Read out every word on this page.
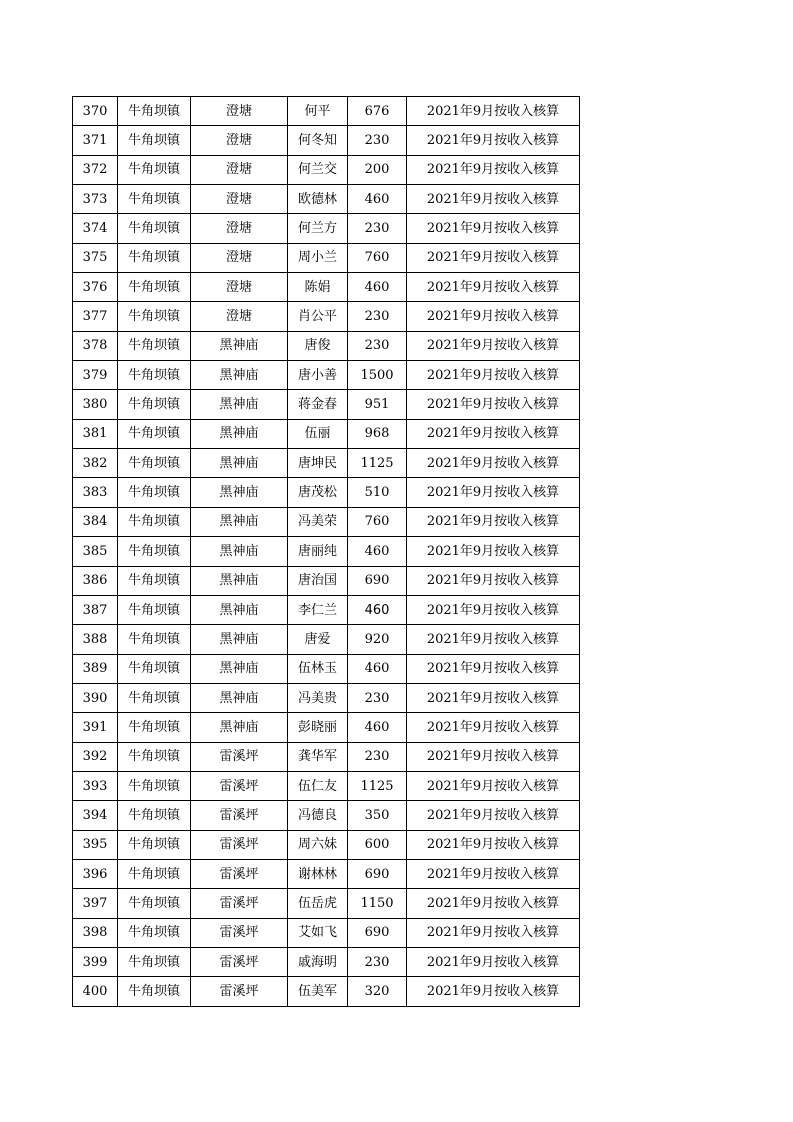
370	牛角坝镇	澄塘	何平	676	2021年9月按收入核算
371	牛角坝镇	澄塘	何冬知	230	2021年9月按收入核算
372	牛角坝镇	澄塘	何兰交	200	2021年9月按收入核算
373	牛角坝镇	澄塘	欧德林	460	2021年9月按收入核算
374	牛角坝镇	澄塘	何兰方	230	2021年9月按收入核算
375	牛角坝镇	澄塘	周小兰	760	2021年9月按收入核算
376	牛角坝镇	澄塘	陈娟	460	2021年9月按收入核算
377	牛角坝镇	澄塘	肖公平	230	2021年9月按收入核算
378	牛角坝镇	黑神庙	唐俊	230	2021年9月按收入核算
379	牛角坝镇	黑神庙	唐小善	1500	2021年9月按收入核算
380	牛角坝镇	黑神庙	蒋金春	951	2021年9月按收入核算
381	牛角坝镇	黑神庙	伍丽	968	2021年9月按收入核算
382	牛角坝镇	黑神庙	唐坤民	1125	2021年9月按收入核算
383	牛角坝镇	黑神庙	唐茂松	510	2021年9月按收入核算
384	牛角坝镇	黑神庙	冯美荣	760	2021年9月按收入核算
385	牛角坝镇	黑神庙	唐丽纯	460	2021年9月按收入核算
386	牛角坝镇	黑神庙	唐治国	690	2021年9月按收入核算
387	牛角坝镇	黑神庙	李仁兰	460	2021年9月按收入核算
388	牛角坝镇	黑神庙	唐爱	920	2021年9月按收入核算
389	牛角坝镇	黑神庙	伍林玉	460	2021年9月按收入核算
390	牛角坝镇	黑神庙	冯美贵	230	2021年9月按收入核算
391	牛角坝镇	黑神庙	彭晓丽	460	2021年9月按收入核算
392	牛角坝镇	雷溪坪	龚华军	230	2021年9月按收入核算
393	牛角坝镇	雷溪坪	伍仁友	1125	2021年9月按收入核算
394	牛角坝镇	雷溪坪	冯德良	350	2021年9月按收入核算
395	牛角坝镇	雷溪坪	周六妹	600	2021年9月按收入核算
396	牛角坝镇	雷溪坪	谢林林	690	2021年9月按收入核算
397	牛角坝镇	雷溪坪	伍岳虎	1150	2021年9月按收入核算
398	牛角坝镇	雷溪坪	艾如飞	690	2021年9月按收入核算
399	牛角坝镇	雷溪坪	戚海明	230	2021年9月按收入核算
400	牛角坝镇	雷溪坪	伍美军	320	2021年9月按收入核算
